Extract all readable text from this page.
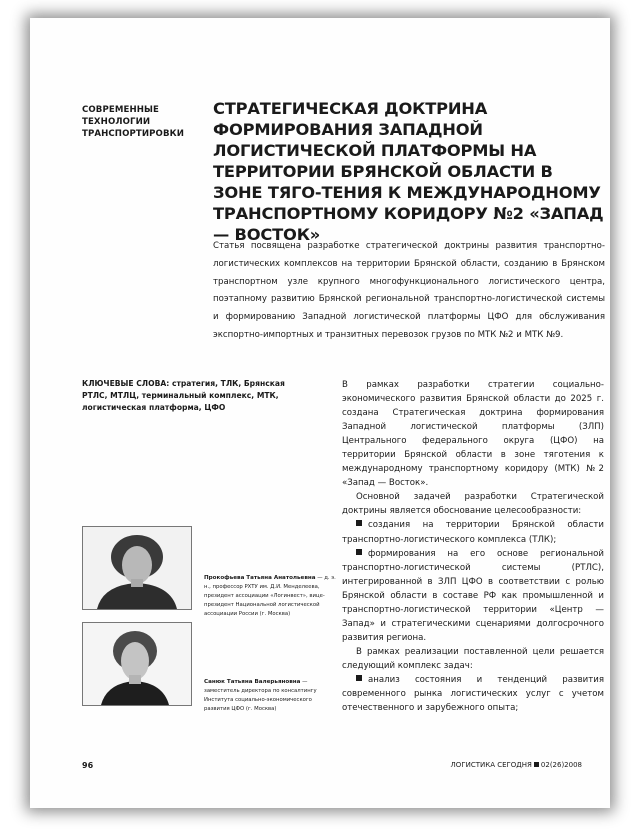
СОВРЕМЕННЫЕ
ТЕХНОЛОГИИ
ТРАНСПОРТИРОВКИ
СТРАТЕГИЧЕСКАЯ ДОКТРИНА ФОРМИРОВАНИЯ ЗАПАДНОЙ ЛОГИСТИЧЕСКОЙ ПЛАТФОРМЫ НА ТЕРРИТОРИИ БРЯНСКОЙ ОБЛАСТИ В ЗОНЕ ТЯГО-ТЕНИЯ К МЕЖДУНАРОДНОМУ ТРАНСПОРТНОМУ КОРИДОРУ №2 «ЗАПАД — ВОСТОК»

Статья посвящена разработке стратегической доктрины развития транспортно-логистических комплексов на территории Брянской области, созданию в Брянском транспортном узле крупного многофункционального логистического центра, поэтапному развитию Брянской региональной транспортно-логистической системы и формированию Западной логистической платформы ЦФО для обслуживания экспортно-импортных и транзитных перевозок грузов по МТК №2 и МТК №9.

КЛЮЧЕВЫЕ СЛОВА: стратегия, ТЛК, Брянская РТЛС, МТЛЦ, терминальный комплекс, МТК, логистическая платформа, ЦФО

В рамках разработки стратегии социально-экономического развития Брянской области до 2025 г. создана Стратегическая доктрина формирования Западной логистической платформы (ЗЛП) Центрального федерального округа (ЦФО) на территории Брянской области в зоне тяготения к международному транспортному коридору (МТК) №2 «Запад — Восток».

Основной задачей разработки Стратегической доктрины является обоснование целесообразности:

создания на территории Брянской области транспортно-логистического комплекса (ТЛК);

формирования на его основе региональной транспортно-логистической системы (РТЛС), интегрированной в ЗЛП ЦФО в соответствии с ролью Брянской области в составе РФ как промышленной и транспортно-логистической территории «Центр — Запад» и стратегическими сценариями долгосрочного развития региона.

В рамках реализации поставленной цели решается следующий комплекс задач:

анализ состояния и тенденций развития современного рынка логистических услуг с учетом отечественного и зарубежного опыта;

Прокофьева Татьяна Анатольевна — д. э. н., профессор РХТУ им. Д.И. Менделеева, президент ассоциации «Логинвест», вице-президент Национальной логистической ассоциации России (г. Москва)

Санюк Татьяна Валерьяновна — заместитель директора по консалтингу Института социально-экономического развития ЦФО (г. Москва)

96	ЛОГИСТИКА СЕГОДНЯ 02(26)2008
